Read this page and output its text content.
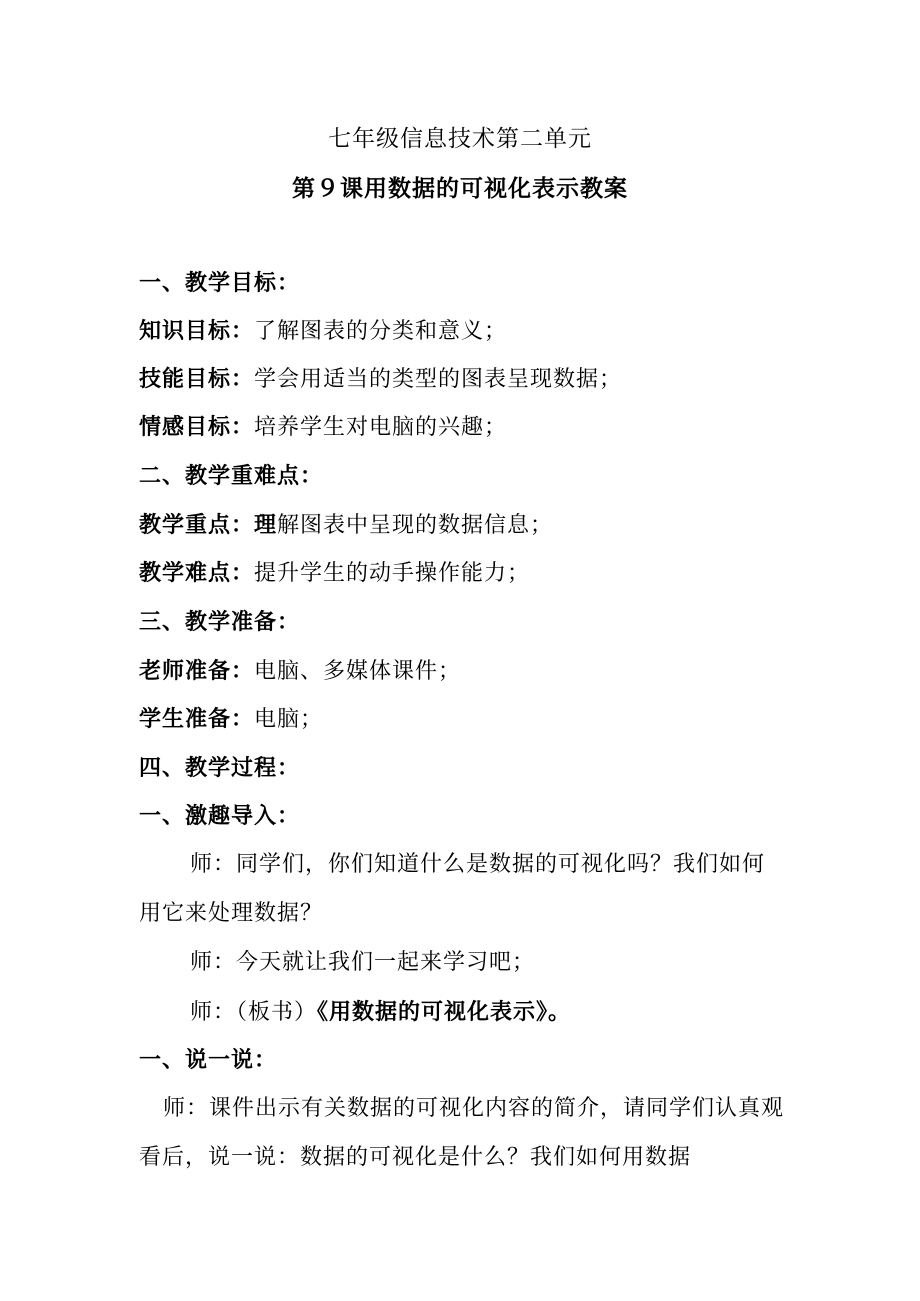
七年级信息技术第二单元
第９课用数据的可视化表示教案
一、教学目标：
知识目标：了解图表的分类和意义；
技能目标：学会用适当的类型的图表呈现数据；
情感目标：培养学生对电脑的兴趣；
二、教学重难点：
教学重点：理解图表中呈现的数据信息；
教学难点：提升学生的动手操作能力；
三、教学准备：
老师准备：电脑、多媒体课件；
学生准备：电脑；
四、教学过程：
一、激趣导入：
师：同学们，你们知道什么是数据的可视化吗？我们如何
用它来处理数据？
师：今天就让我们一起来学习吧；
师：（板书）《用数据的可视化表示》。
一、说一说：
师：课件出示有关数据的可视化内容的简介，请同学们认真观
看后，说一说：数据的可视化是什么？我们如何用数据
